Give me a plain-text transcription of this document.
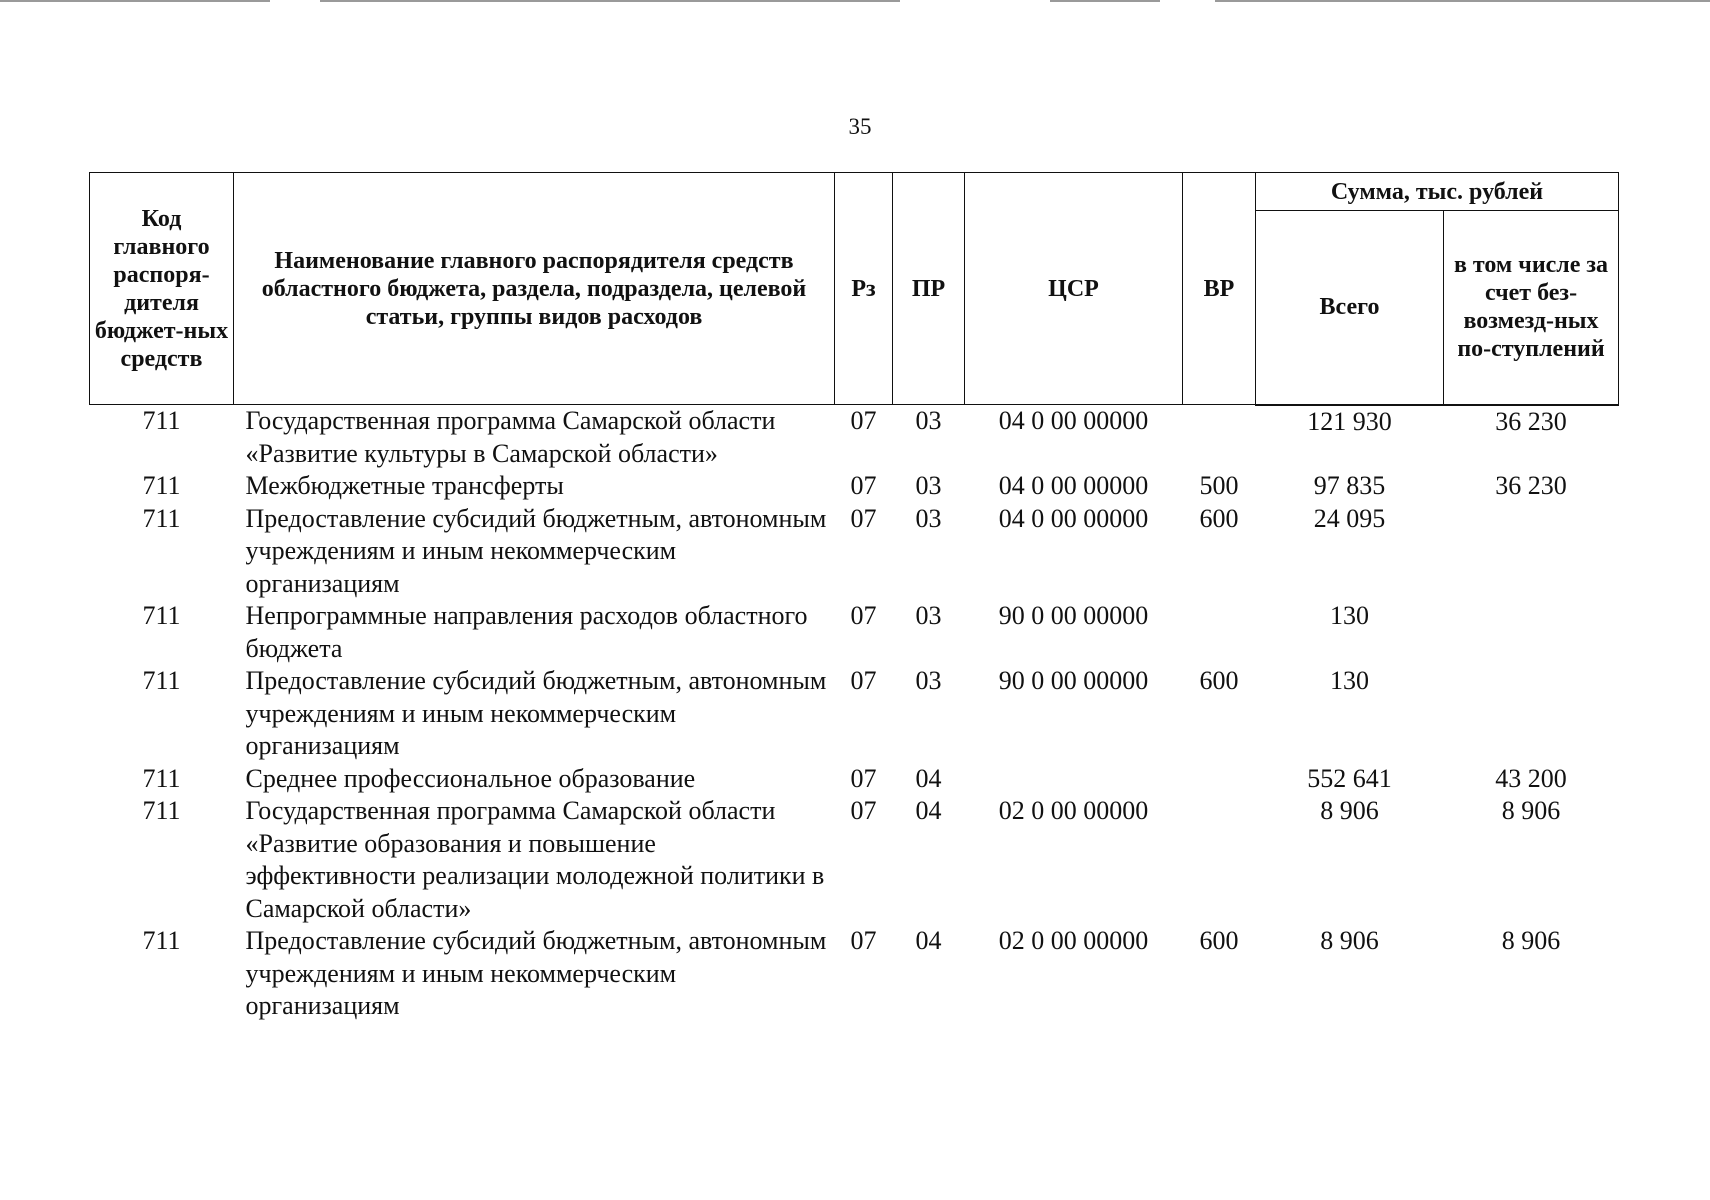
35
Код главного распоря-дителя бюджет-ных средств	Наименование главного распорядителя средств областного бюджета, раздела, подраздела, целевой статьи, группы видов расходов	Рз	ПР	ЦСР	ВР	Сумма, тыс. рублей	
						Всего	в том числе за счет без-возмезд-ных по-ступлений
711	Государственная программа Самарской области «Развитие культуры в Самарской области»	07	03	04 0 00 00000		121 930	36 230
711	Межбюджетные трансферты	07	03	04 0 00 00000	500	97 835	36 230
711	Предоставление субсидий бюджетным, автономным учреждениям и иным некоммерческим организациям	07	03	04 0 00 00000	600	24 095	
711	Непрограммные направления расходов областного бюджета	07	03	90 0 00 00000		130	
711	Предоставление субсидий бюджетным, автономным учреждениям и иным некоммерческим организациям	07	03	90 0 00 00000	600	130	
711	Среднее профессиональное образование	07	04			552 641	43 200
711	Государственная программа Самарской области «Развитие образования и повышение эффективности реализации молодежной политики в Самарской области»	07	04	02 0 00 00000		8 906	8 906
711	Предоставление субсидий бюджетным, автономным учреждениям и иным некоммерческим организациям	07	04	02 0 00 00000	600	8 906	8 906
